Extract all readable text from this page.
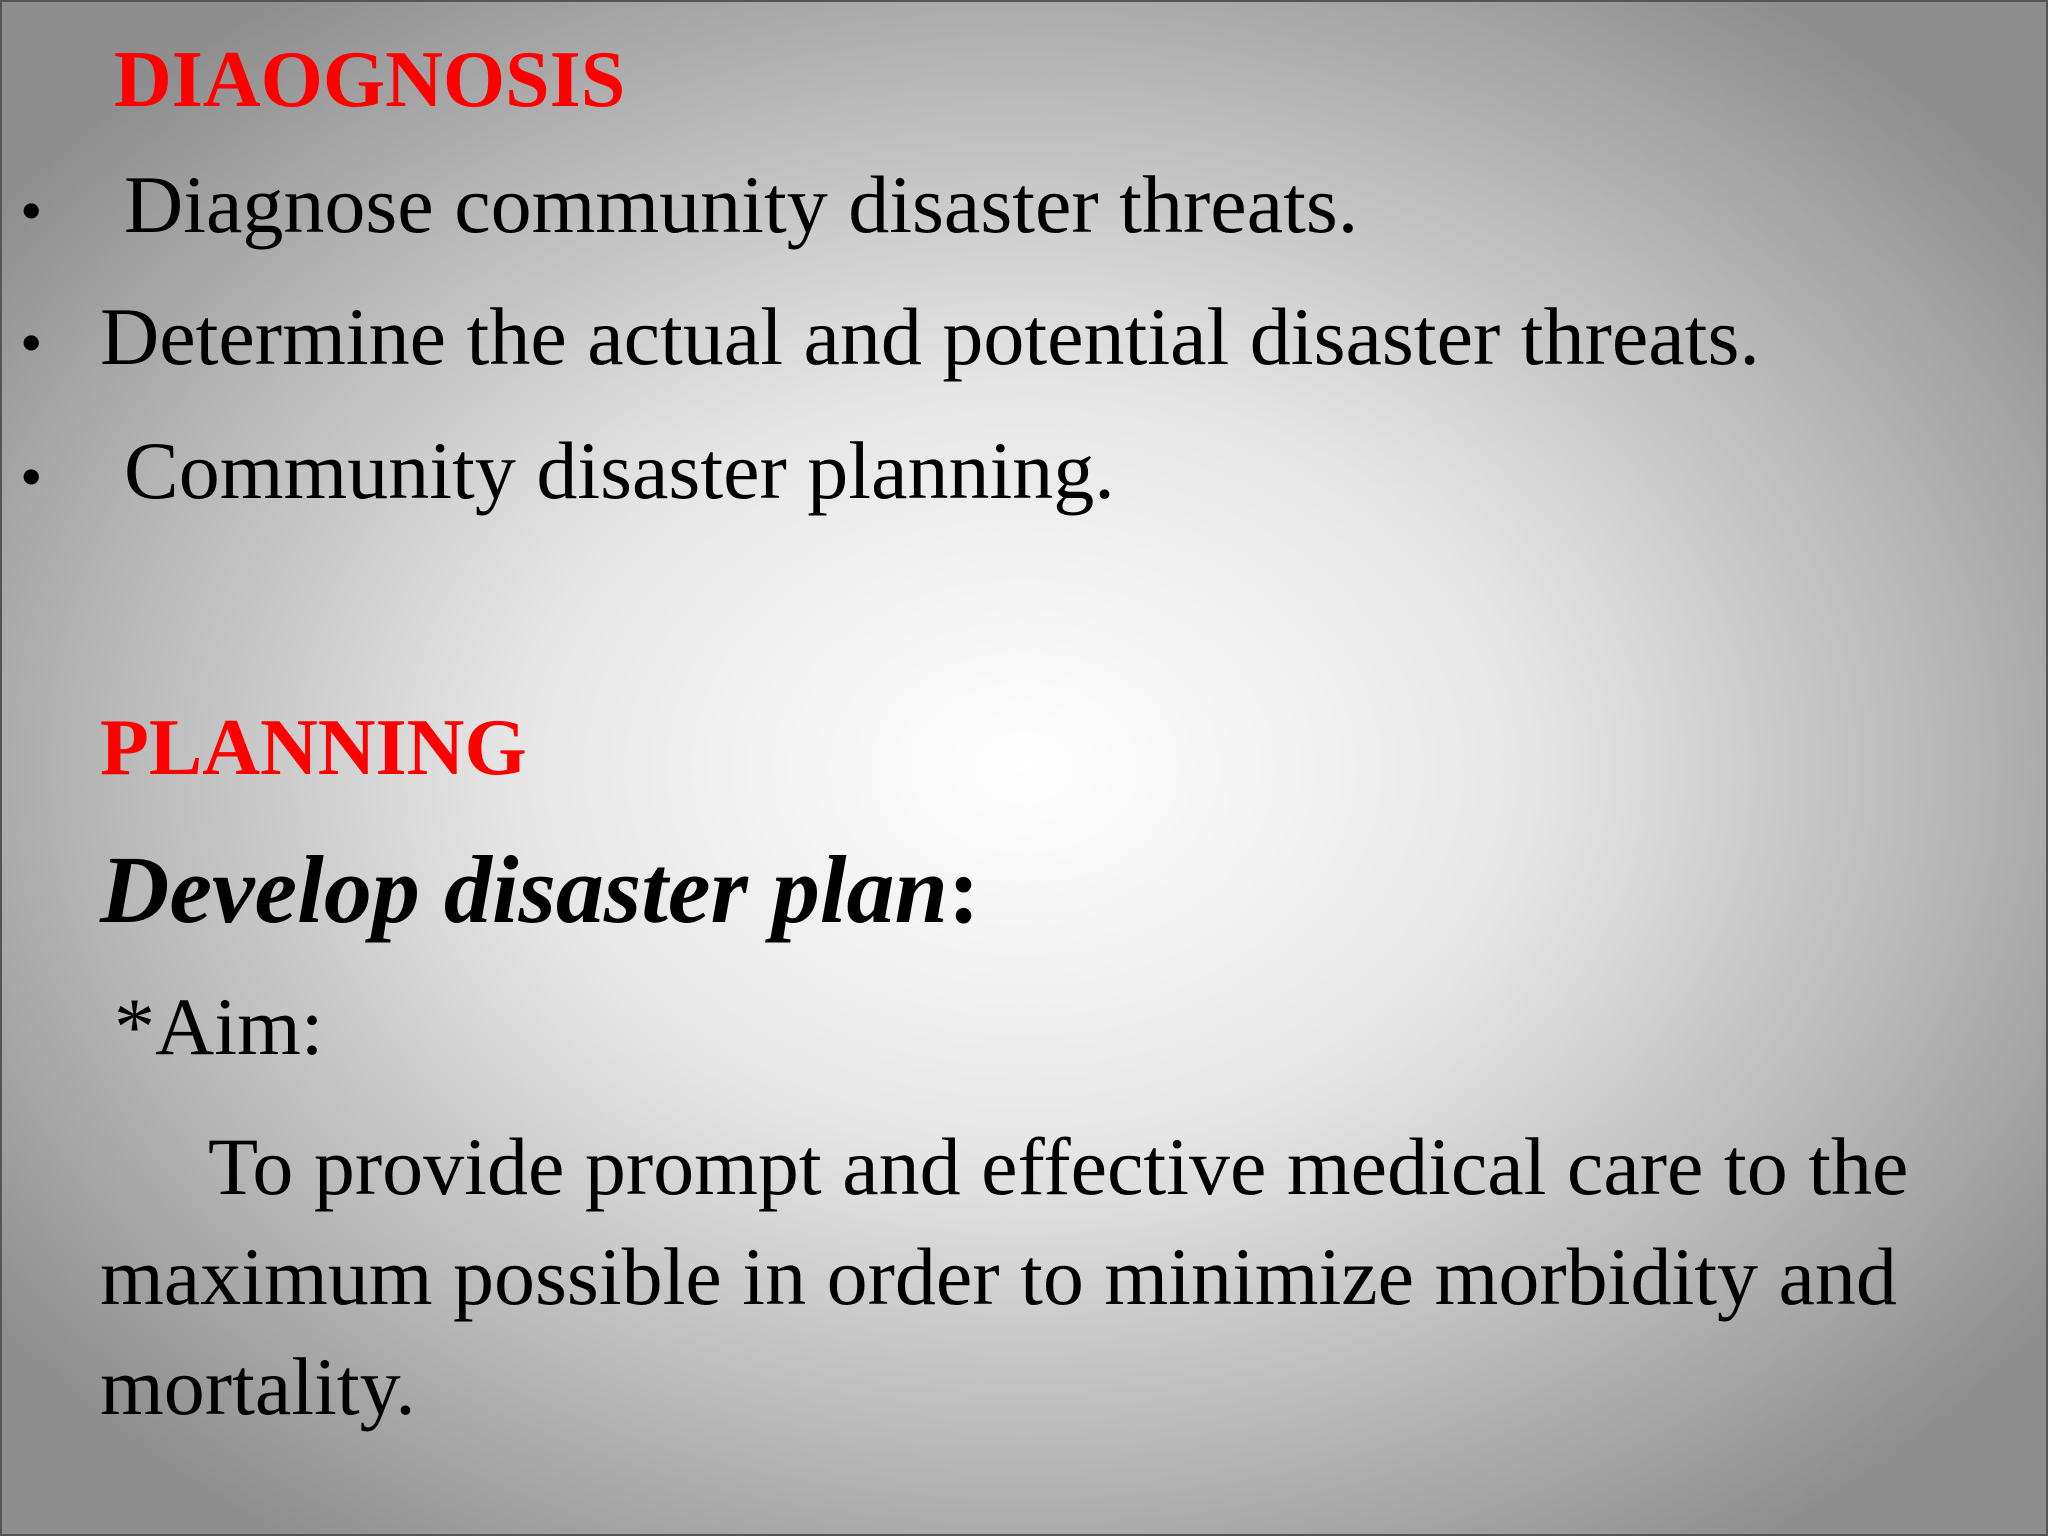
DIAOGNOSIS
• Diagnose community disaster threats.
• Determine the actual and potential disaster threats.
• Community disaster planning.
PLANNING
Develop disaster plan:
*Aim:

To provide prompt and effective medical care to the maximum possible in order to minimize morbidity and mortality.
